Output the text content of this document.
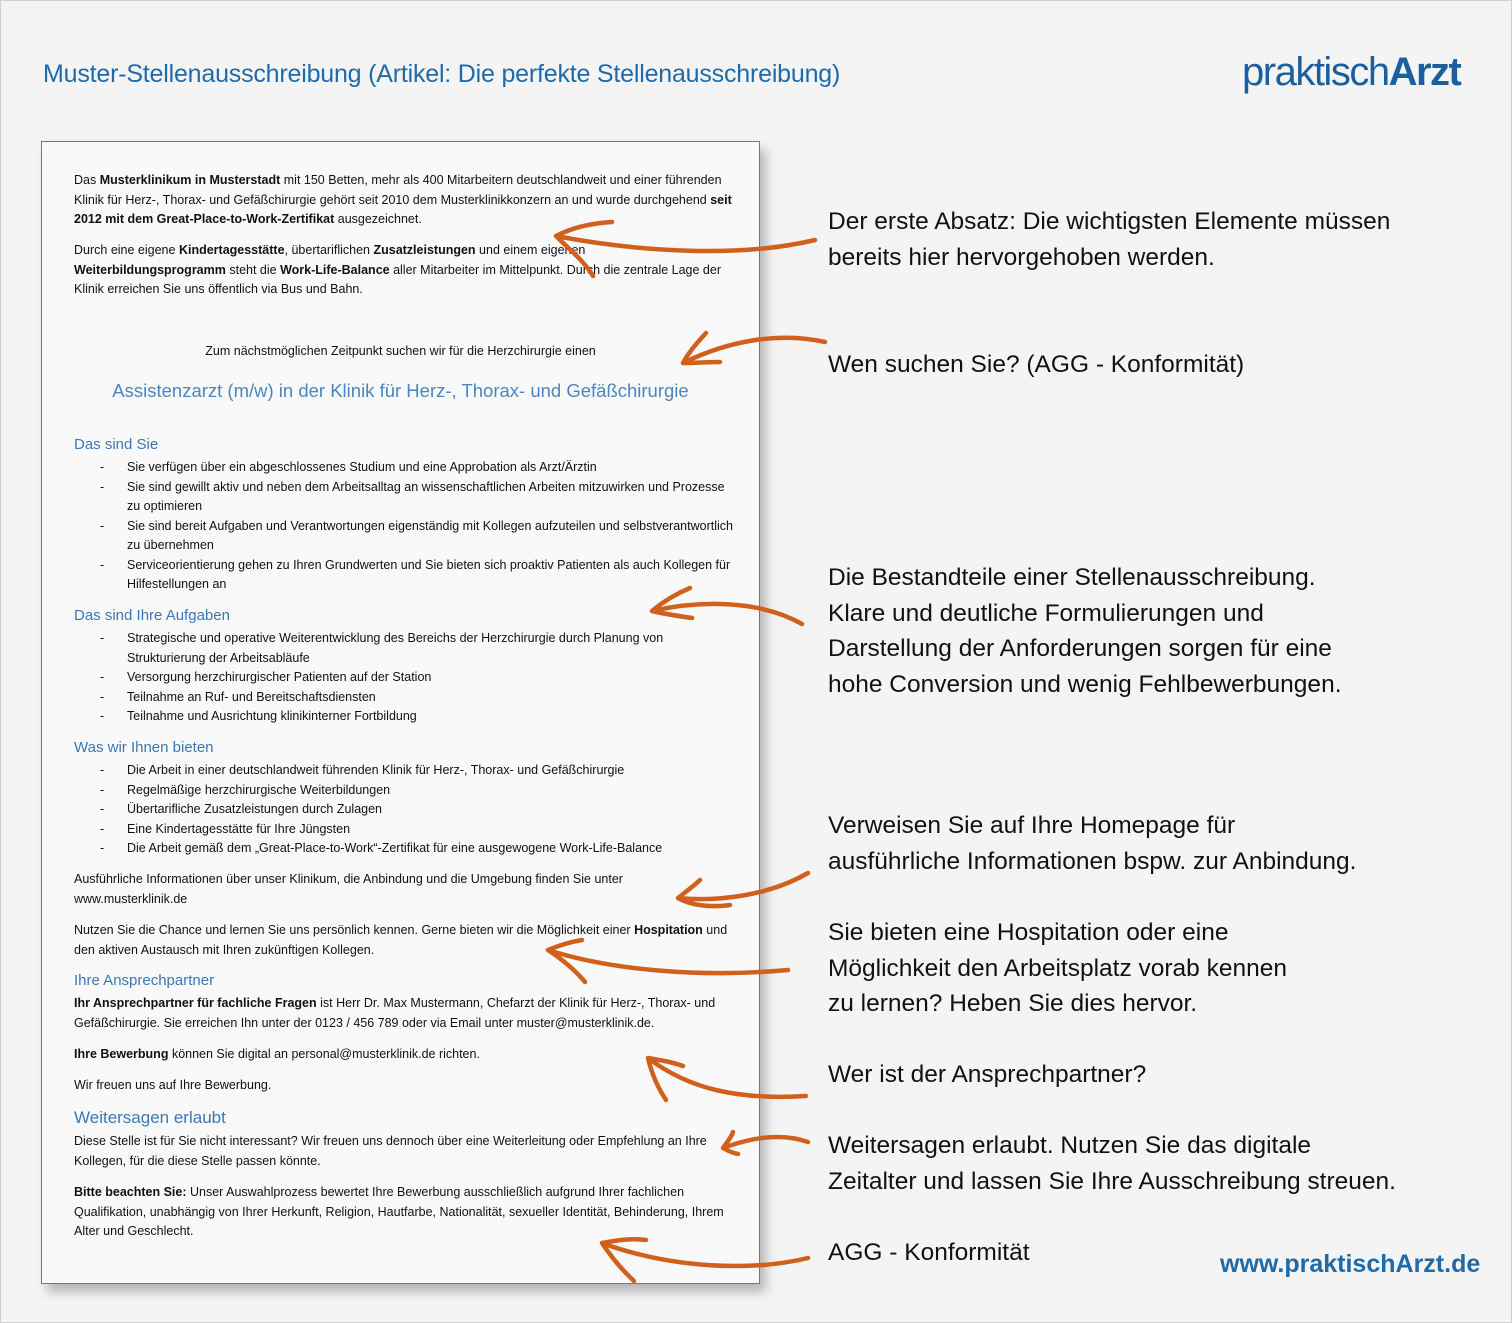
Muster-Stellenausschreibung (Artikel: Die perfekte Stellenausschreibung)	praktischArzt
Das Musterklinikum in Musterstadt mit 150 Betten, mehr als 400 Mitarbeitern deutschlandweit und einer führenden Klinik für Herz-, Thorax- und Gefäßchirurgie gehört seit 2010 dem Musterklinikkonzern an und wurde durchgehend seit 2012 mit dem Great-Place-to-Work-Zertifikat ausgezeichnet.
Durch eine eigene Kindertagesstätte, übertariflichen Zusatzleistungen und einem eigenen Weiterbildungsprogramm steht die Work-Life-Balance aller Mitarbeiter im Mittelpunkt. Durch die zentrale Lage der Klinik erreichen Sie uns öffentlich via Bus und Bahn.
Zum nächstmöglichen Zeitpunkt suchen wir für die Herzchirurgie einen
Assistenzarzt (m/w) in der Klinik für Herz-, Thorax- und Gefäßchirurgie
Das sind Sie
- Sie verfügen über ein abgeschlossenes Studium und eine Approbation als Arzt/Ärztin
- Sie sind gewillt aktiv und neben dem Arbeitsalltag an wissenschaftlichen Arbeiten mitzuwirken und Prozesse zu optimieren
- Sie sind bereit Aufgaben und Verantwortungen eigenständig mit Kollegen aufzuteilen und selbstverantwortlich zu übernehmen
- Serviceorientierung gehen zu Ihren Grundwerten und Sie bieten sich proaktiv Patienten als auch Kollegen für Hilfestellungen an
Das sind Ihre Aufgaben
- Strategische und operative Weiterentwicklung des Bereichs der Herzchirurgie durch Planung von Strukturierung der Arbeitsabläufe
- Versorgung herzchirurgischer Patienten auf der Station
- Teilnahme an Ruf- und Bereitschaftsdiensten
- Teilnahme und Ausrichtung klinikinterner Fortbildung
Was wir Ihnen bieten
- Die Arbeit in einer deutschlandweit führenden Klinik für Herz-, Thorax- und Gefäßchirurgie
- Regelmäßige herzchirurgische Weiterbildungen
- Übertarifliche Zusatzleistungen durch Zulagen
- Eine Kindertagesstätte für Ihre Jüngsten
- Die Arbeit gemäß dem „Great-Place-to-Work“-Zertifikat für eine ausgewogene Work-Life-Balance
Ausführliche Informationen über unser Klinikum, die Anbindung und die Umgebung finden Sie unter www.musterklinik.de
Nutzen Sie die Chance und lernen Sie uns persönlich kennen. Gerne bieten wir die Möglichkeit einer Hospitation und den aktiven Austausch mit Ihren zukünftigen Kollegen.
Ihre Ansprechpartner
Ihr Ansprechpartner für fachliche Fragen ist Herr Dr. Max Mustermann, Chefarzt der Klinik für Herz-, Thorax- und Gefäßchirurgie. Sie erreichen Ihn unter der 0123 / 456 789 oder via Email unter muster@musterklinik.de.
Ihre Bewerbung können Sie digital an personal@musterklinik.de richten.
Wir freuen uns auf Ihre Bewerbung.
Weitersagen erlaubt
Diese Stelle ist für Sie nicht interessant? Wir freuen uns dennoch über eine Weiterleitung oder Empfehlung an Ihre Kollegen, für die diese Stelle passen könnte.
Bitte beachten Sie: Unser Auswahlprozess bewertet Ihre Bewerbung ausschließlich aufgrund Ihrer fachlichen Qualifikation, unabhängig von Ihrer Herkunft, Religion, Hautfarbe, Nationalität, sexueller Identität, Behinderung, Ihrem Alter und Geschlecht.
Der erste Absatz: Die wichtigsten Elemente müssen
bereits hier hervorgehoben werden.
Wen suchen Sie? (AGG - Konformität)
Die Bestandteile einer Stellenausschreibung.
Klare und deutliche Formulierungen und
Darstellung der Anforderungen sorgen für eine
hohe Conversion und wenig Fehlbewerbungen.
Verweisen Sie auf Ihre Homepage für
ausführliche Informationen bspw. zur Anbindung.
Sie bieten eine Hospitation oder eine
Möglichkeit den Arbeitsplatz vorab kennen
zu lernen? Heben Sie dies hervor.
Wer ist der Ansprechpartner?
Weitersagen erlaubt. Nutzen Sie das digitale
Zeitalter und lassen Sie Ihre Ausschreibung streuen.
AGG - Konformität	www.praktischArzt.de
